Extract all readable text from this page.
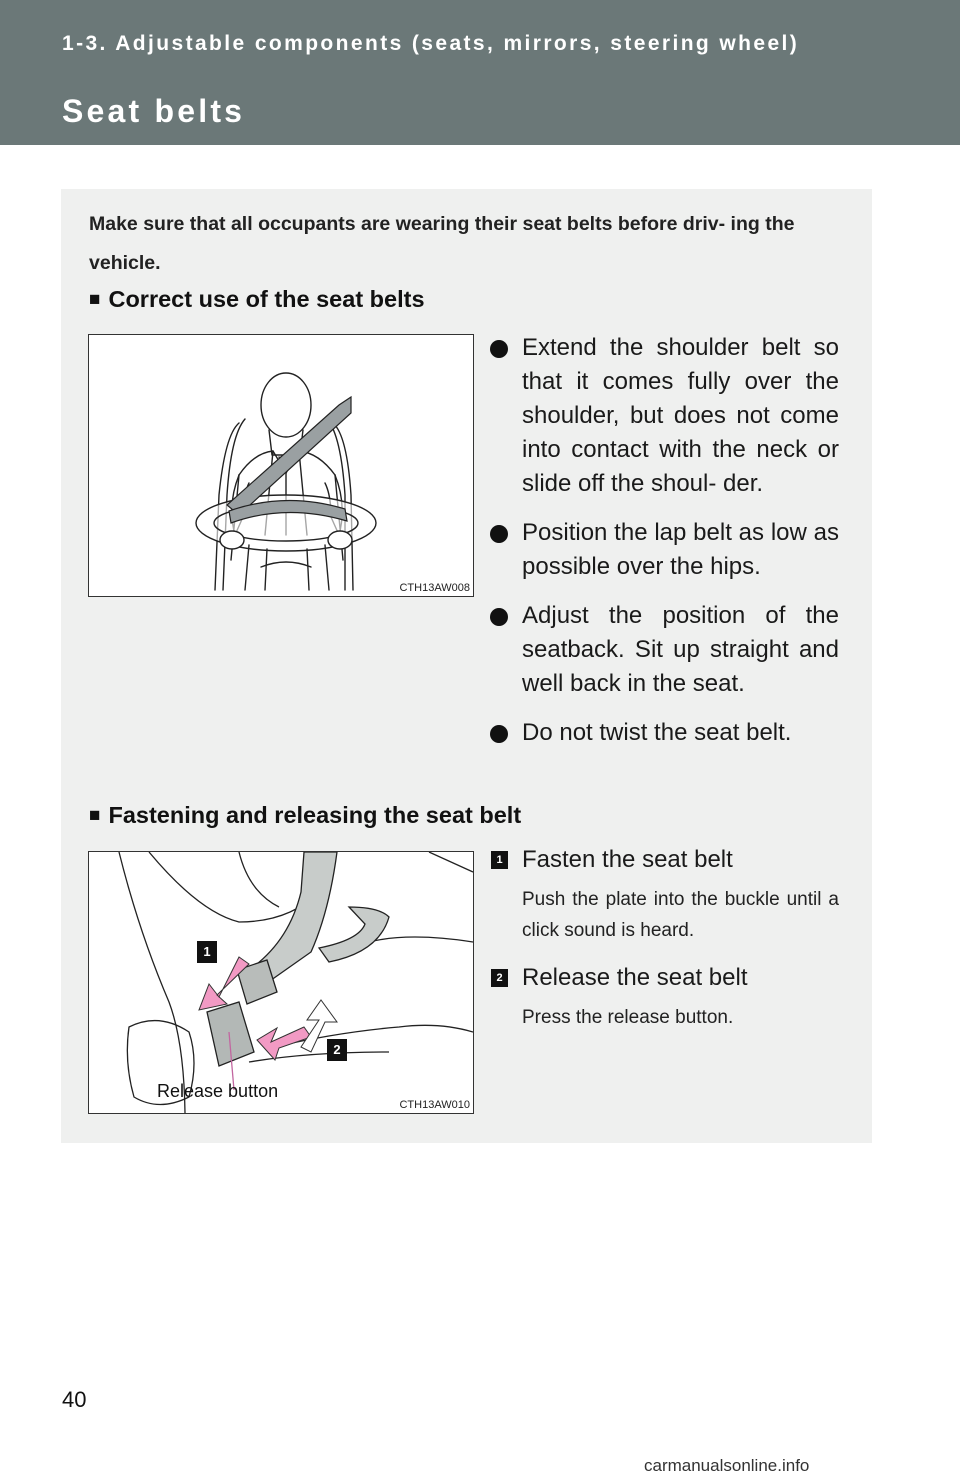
1-3. Adjustable components (seats, mirrors, steering wheel)
Seat belts
Make sure that all occupants are wearing their seat belts before driv- ing the vehicle.
■ Correct use of the seat belts
CTH13AW008
Extend the shoulder belt so that it comes fully over the shoulder, but does not come into contact with the neck or slide off the shoul- der.
Position the lap belt as low as possible over the hips.
Adjust the position of the seatback. Sit up straight and well back in the seat.
Do not twist the seat belt.
■ Fastening and releasing the seat belt
1
2
Release button
CTH13AW010
1 Fasten the seat belt
Push the plate into the buckle until a click sound is heard.
2 Release the seat belt
Press the release button.
40
carmanualsonline.info
